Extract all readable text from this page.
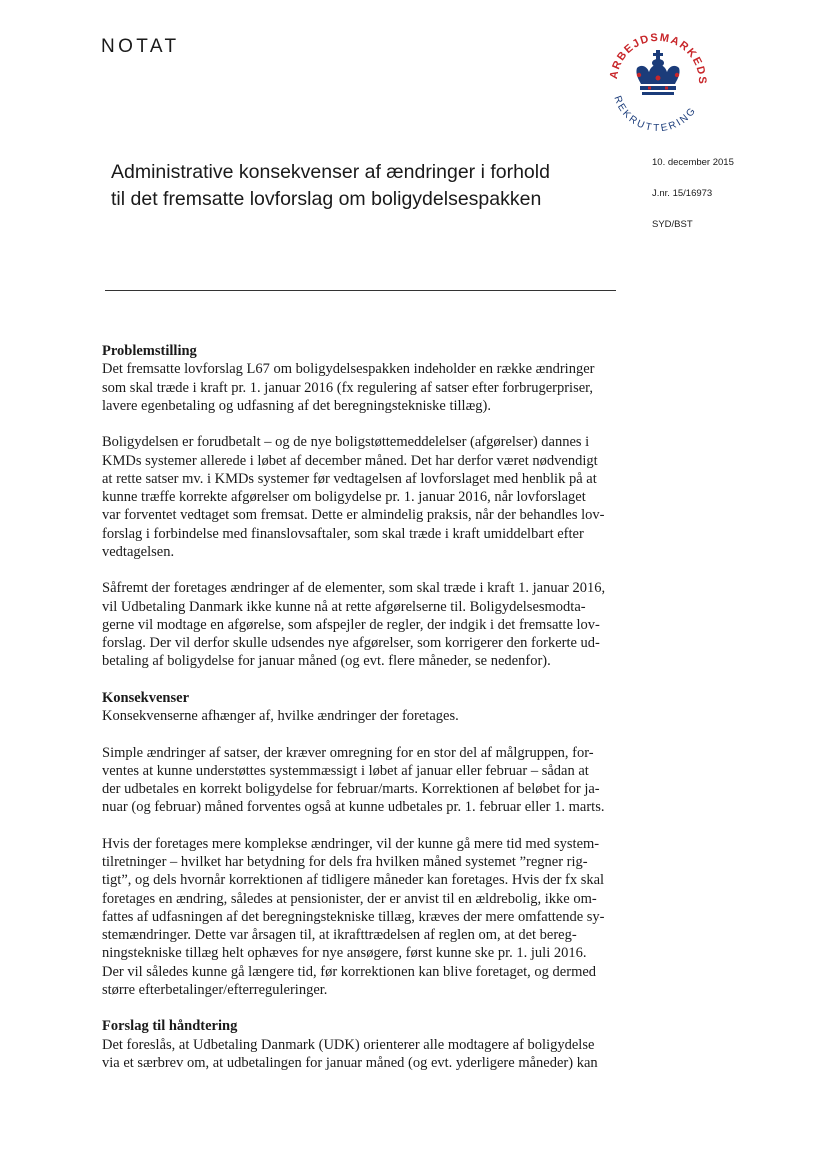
NOTAT
ARBEJDSMARKEDS
REKRUTTERING
Administrative konsekvenser af ændringer i forhold
til det fremsatte lovforslag om boligydelsespakken
10. december 2015
J.nr. 15/16973
SYD/BST
Problemstilling

Det fremsatte lovforslag L67 om boligydelsespakken indeholder en række ændringer
som skal træde i kraft pr. 1. januar 2016 (fx regulering af satser efter forbrugerpriser,
lavere egenbetaling og udfasning af det beregningstekniske tillæg).

Boligydelsen er forudbetalt – og de nye boligstøttemeddelelser (afgørelser) dannes i
KMDs systemer allerede i løbet af december måned. Det har derfor været nødvendigt
at rette satser mv. i KMDs systemer før vedtagelsen af lovforslaget med henblik på at
kunne træffe korrekte afgørelser om boligydelse pr. 1. januar 2016, når lovforslaget
var forventet vedtaget som fremsat. Dette er almindelig praksis, når der behandles lov-
forslag i forbindelse med finanslovsaftaler, som skal træde i kraft umiddelbart efter
vedtagelsen.

Såfremt der foretages ændringer af de elementer, som skal træde i kraft 1. januar 2016,
vil Udbetaling Danmark ikke kunne nå at rette afgørelserne til. Boligydelsesmodta-
gerne vil modtage en afgørelse, som afspejler de regler, der indgik i det fremsatte lov-
forslag. Der vil derfor skulle udsendes nye afgørelser, som korrigerer den forkerte ud-
betaling af boligydelse for januar måned (og evt. flere måneder, se nedenfor).

Konsekvenser

Konsekvenserne afhænger af, hvilke ændringer der foretages.

Simple ændringer af satser, der kræver omregning for en stor del af målgruppen, for-
ventes at kunne understøttes systemmæssigt i løbet af januar eller februar – sådan at
der udbetales en korrekt boligydelse for februar/marts. Korrektionen af beløbet for ja-
nuar (og februar) måned forventes også at kunne udbetales pr. 1. februar eller 1. marts.

Hvis der foretages mere komplekse ændringer, vil der kunne gå mere tid med system-
tilretninger – hvilket har betydning for dels fra hvilken måned systemet ”regner rig-
tigt”, og dels hvornår korrektionen af tidligere måneder kan foretages. Hvis der fx skal
foretages en ændring, således at pensionister, der er anvist til en ældrebolig, ikke om-
fattes af udfasningen af det beregningstekniske tillæg, kræves der mere omfattende sy-
stemændringer. Dette var årsagen til, at ikrafttrædelsen af reglen om, at det bereg-
ningstekniske tillæg helt ophæves for nye ansøgere, først kunne ske pr. 1. juli 2016.
Der vil således kunne gå længere tid, før korrektionen kan blive foretaget, og dermed
større efterbetalinger/efterreguleringer.

Forslag til håndtering

Det foreslås, at Udbetaling Danmark (UDK) orienterer alle modtagere af boligydelse
via et særbrev om, at udbetalingen for januar måned (og evt. yderligere måneder) kan
